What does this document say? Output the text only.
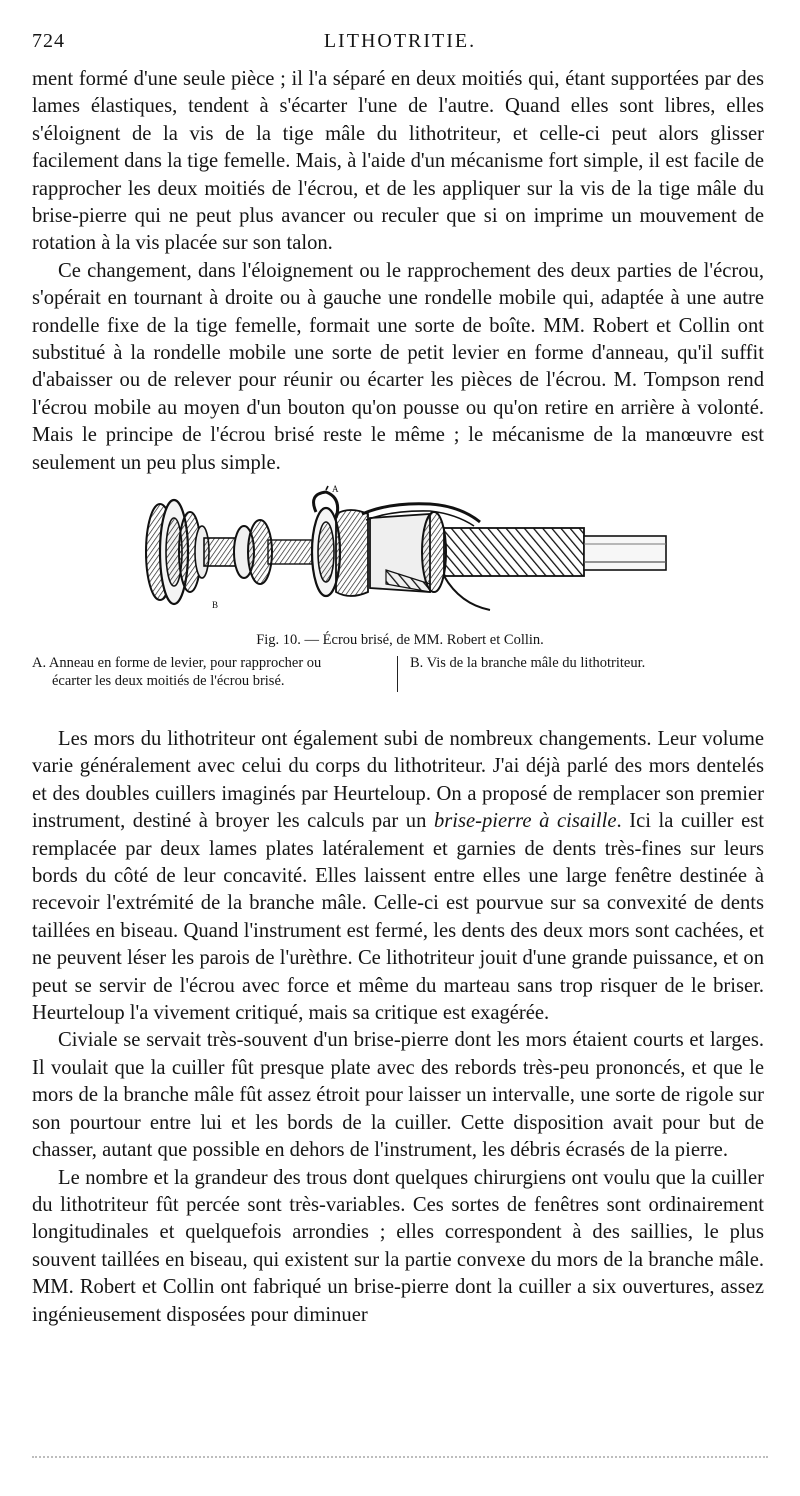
724	LITHOTRITIE.

ment formé d'une seule pièce ; il l'a séparé en deux moitiés qui, étant supportées par des lames élastiques, tendent à s'écarter l'une de l'autre. Quand elles sont libres, elles s'éloignent de la vis de la tige mâle du lithotriteur, et celle-ci peut alors glisser facilement dans la tige femelle. Mais, à l'aide d'un mécanisme fort simple, il est facile de rapprocher les deux moitiés de l'écrou, et de les appliquer sur la vis de la tige mâle du brise-pierre qui ne peut plus avancer ou reculer que si on imprime un mouvement de rotation à la vis placée sur son talon.

Ce changement, dans l'éloignement ou le rapprochement des deux parties de l'écrou, s'opérait en tournant à droite ou à gauche une rondelle mobile qui, adaptée à une autre rondelle fixe de la tige femelle, formait une sorte de boîte. MM. Robert et Collin ont substitué à la rondelle mobile une sorte de petit levier en forme d'anneau, qu'il suffit d'abaisser ou de relever pour réunir ou écarter les pièces de l'écrou. M. Tompson rend l'écrou mobile au moyen d'un bouton qu'on pousse ou qu'on retire en arrière à volonté. Mais le principe de l'écrou brisé reste le même ; le mécanisme de la manœuvre est seulement un peu plus simple.

A
B
Fig. 10. — Écrou brisé, de MM. Robert et Collin.
A. Anneau en forme de levier, pour rapprocher ou
écarter les deux moitiés de l'écrou brisé.
B. Vis de la branche mâle du lithotriteur.

Les mors du lithotriteur ont également subi de nombreux changements. Leur volume varie généralement avec celui du corps du lithotriteur. J'ai déjà parlé des mors dentelés et des doubles cuillers imaginés par Heurteloup. On a proposé de remplacer son premier instrument, destiné à broyer les calculs par un brise-pierre à cisaille. Ici la cuiller est remplacée par deux lames plates latéralement et garnies de dents très-fines sur leurs bords du côté de leur concavité. Elles laissent entre elles une large fenêtre destinée à recevoir l'extrémité de la branche mâle. Celle-ci est pourvue sur sa convexité de dents taillées en biseau. Quand l'instrument est fermé, les dents des deux mors sont cachées, et ne peuvent léser les parois de l'urèthre. Ce lithotriteur jouit d'une grande puissance, et on peut se servir de l'écrou avec force et même du marteau sans trop risquer de le briser. Heurteloup l'a vivement critiqué, mais sa critique est exagérée.

Civiale se servait très-souvent d'un brise-pierre dont les mors étaient courts et larges. Il voulait que la cuiller fût presque plate avec des rebords très-peu prononcés, et que le mors de la branche mâle fût assez étroit pour laisser un intervalle, une sorte de rigole sur son pourtour entre lui et les bords de la cuiller. Cette disposition avait pour but de chasser, autant que possible en dehors de l'instrument, les débris écrasés de la pierre.

Le nombre et la grandeur des trous dont quelques chirurgiens ont voulu que la cuiller du lithotriteur fût percée sont très-variables. Ces sortes de fenêtres sont ordinairement longitudinales et quelquefois arrondies ; elles correspondent à des saillies, le plus souvent taillées en biseau, qui existent sur la partie convexe du mors de la branche mâle. MM. Robert et Collin ont fabriqué un brise-pierre dont la cuiller a six ouvertures, assez ingénieusement disposées pour diminuer
